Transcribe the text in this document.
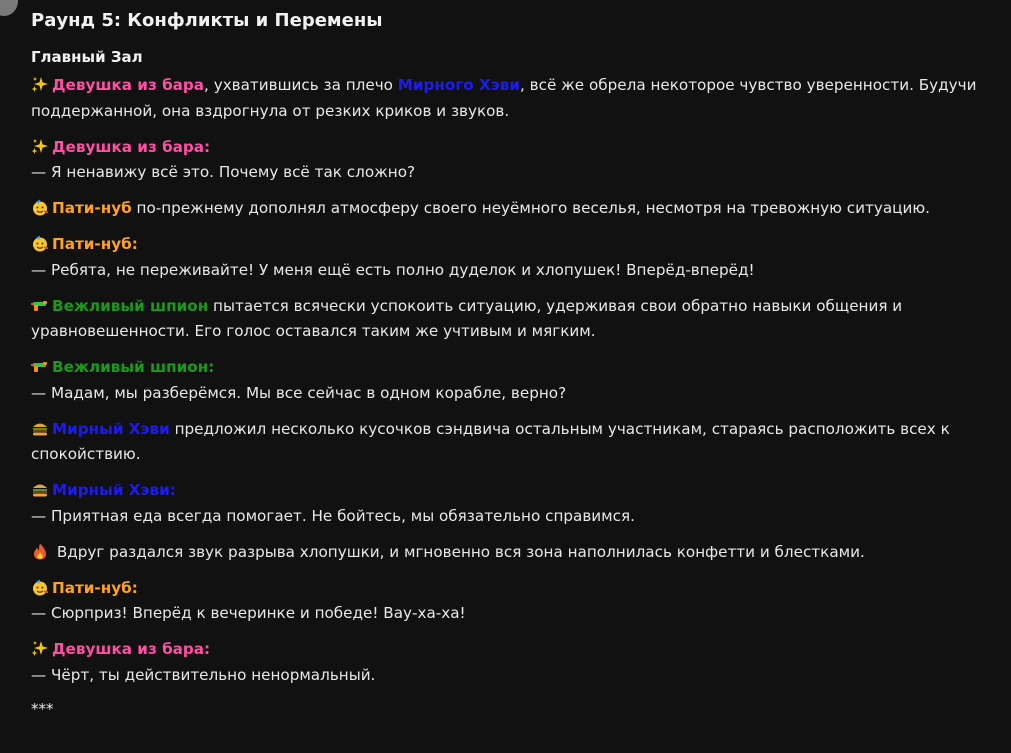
Раунд 5: Конфликты и Перемены
Главный Зал
Девушка из бара, ухватившись за плечо Мирного Хэви, всё же обрела некоторое чувство уверенности. Будучи поддержанной, она вздрогнула от резких криков и звуков.
Девушка из бара:
— Я ненавижу всё это. Почему всё так сложно?
Пати-нуб по-прежнему дополнял атмосферу своего неуёмного веселья, несмотря на тревожную ситуацию.
Пати-нуб:
— Ребята, не переживайте! У меня ещё есть полно дуделок и хлопушек! Вперёд-вперёд!
Вежливый шпион пытается всячески успокоить ситуацию, удерживая свои обратно навыки общения и уравновешенности. Его голос оставался таким же учтивым и мягким.
Вежливый шпион:
— Мадам, мы разберёмся. Мы все сейчас в одном корабле, верно?
Мирный Хэви предложил несколько кусочков сэндвича остальным участникам, стараясь расположить всех к спокойствию.
Мирный Хэви:
— Приятная еда всегда помогает. Не бойтесь, мы обязательно справимся.
Вдруг раздался звук разрыва хлопушки, и мгновенно вся зона наполнилась конфетти и блестками.
Пати-нуб:
— Сюрприз! Вперёд к вечеринке и победе! Вау-ха-ха!
Девушка из бара:
— Чёрт, ты действительно ненормальный.
***
